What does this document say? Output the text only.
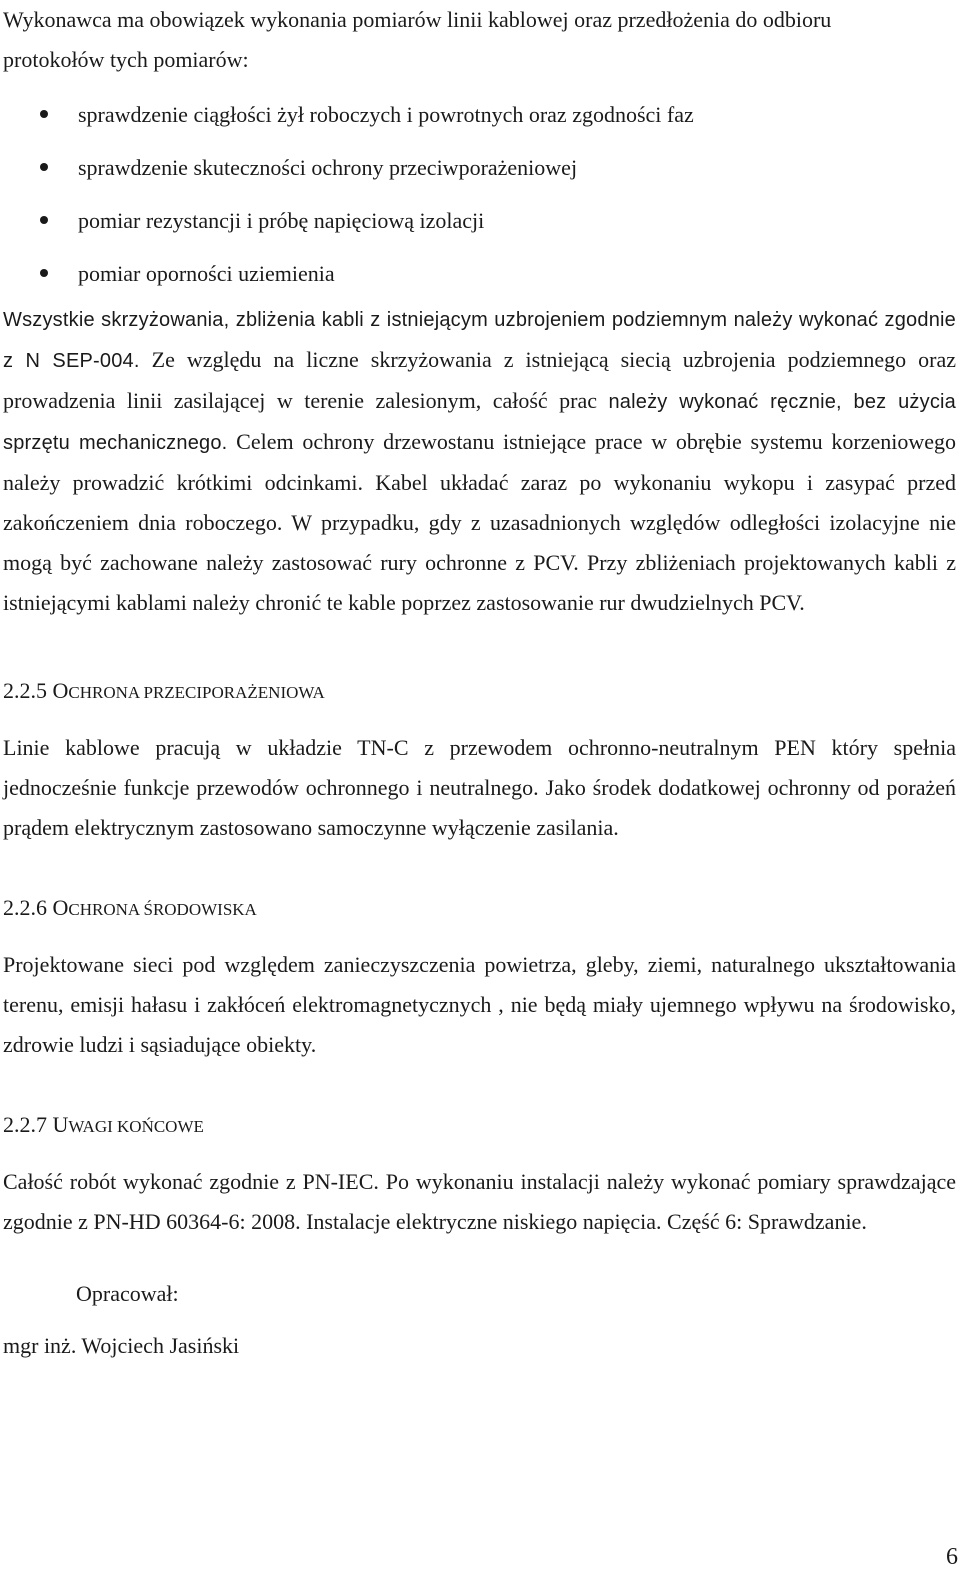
Wykonawca ma obowiązek wykonania pomiarów linii kablowej oraz przedłożenia do odbioru
protokołów tych pomiarów:

sprawdzenie ciągłości żył roboczych i powrotnych oraz zgodności faz
sprawdzenie skuteczności ochrony przeciwporażeniowej
pomiar rezystancji i próbę napięciową izolacji
pomiar oporności uziemienia

Wszystkie skrzyżowania, zbliżenia kabli z istniejącym uzbrojeniem podziemnym należy wykonać zgodnie z N SEP-004. Ze względu na liczne skrzyżowania z istniejącą siecią uzbrojenia podziemnego oraz prowadzenia linii zasilającej w terenie zalesionym, całość prac należy wykonać ręcznie, bez użycia sprzętu mechanicznego. Celem ochrony drzewostanu istniejące prace w obrębie systemu korzeniowego należy prowadzić krótkimi odcinkami. Kabel układać zaraz po wykonaniu wykopu i zasypać przed zakończeniem dnia roboczego. W przypadku, gdy z uzasadnionych względów odległości izolacyjne nie mogą być zachowane należy zastosować rury ochronne z PCV. Przy zbliżeniach projektowanych kabli z istniejącymi kablami należy chronić te kable poprzez zastosowanie rur dwudzielnych PCV.

2.2.5 OCHRONA PRZECIPORAŻENIOWA

Linie kablowe pracują w układzie TN-C z przewodem ochronno-neutralnym PEN który spełnia jednocześnie funkcje przewodów ochronnego i neutralnego. Jako środek dodatkowej ochronny od porażeń prądem elektrycznym zastosowano samoczynne wyłączenie zasilania.

2.2.6 OCHRONA ŚRODOWISKA

Projektowane sieci pod względem zanieczyszczenia powietrza, gleby, ziemi, naturalnego ukształtowania terenu, emisji hałasu i zakłóceń elektromagnetycznych , nie będą miały ujemnego wpływu na środowisko, zdrowie ludzi i sąsiadujące obiekty.

2.2.7 UWAGI KOŃCOWE

Całość robót wykonać zgodnie z PN-IEC. Po wykonaniu instalacji należy wykonać pomiary sprawdzające zgodnie z PN-HD 60364-6: 2008. Instalacje elektryczne niskiego napięcia. Część 6: Sprawdzanie.

Opracował:
mgr inż. Wojciech Jasiński
6
